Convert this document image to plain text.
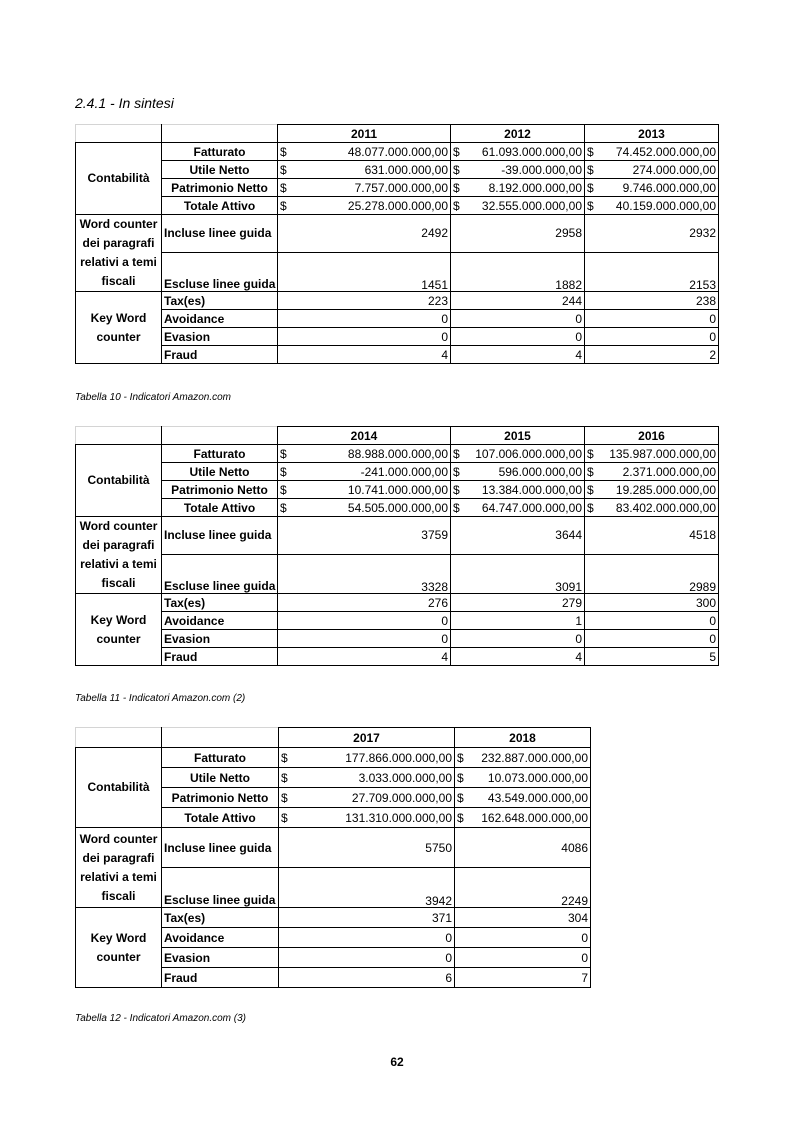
2.4.1 - In sintesi
		2011	2012	2013
Contabilità	Fatturato	$ 48.077.000.000,00	$ 61.093.000.000,00	$ 74.452.000.000,00

	Utile Netto	$ 631.000.000,00	$ -39.000.000,00	$ 274.000.000,00

	Patrimonio Netto	$ 7.757.000.000,00	$ 8.192.000.000,00	$ 9.746.000.000,00

	Totale Attivo	$ 25.278.000.000,00	$ 32.555.000.000,00	$ 40.159.000.000,00

Word counter dei paragrafi relativi a temi fiscali	Incluse linee guida	2492	2958	2932
	Escluse linee guida	1451	1882	2153
Key Word counter	Tax(es)	223	244	238
	Avoidance	0	0	0
	Evasion	0	0	0
	Fraud	4	4	2
Tabella 10 - Indicatori Amazon.com
		2014	2015	2016
Contabilità	Fatturato	$ 88.988.000.000,00	$ 107.006.000.000,00	$ 135.987.000.000,00

	Utile Netto	$ -241.000.000,00	$ 596.000.000,00	$ 2.371.000.000,00

	Patrimonio Netto	$ 10.741.000.000,00	$ 13.384.000.000,00	$ 19.285.000.000,00

	Totale Attivo	$ 54.505.000.000,00	$ 64.747.000.000,00	$ 83.402.000.000,00

Word counter dei paragrafi relativi a temi fiscali	Incluse linee guida	3759	3644	4518
	Escluse linee guida	3328	3091	2989
Key Word counter	Tax(es)	276	279	300
	Avoidance	0	1	0
	Evasion	0	0	0
	Fraud	4	4	5
Tabella 11 - Indicatori Amazon.com (2)
		2017	2018
Contabilità	Fatturato	$ 177.866.000.000,00	$ 232.887.000.000,00

	Utile Netto	$ 3.033.000.000,00	$ 10.073.000.000,00

	Patrimonio Netto	$ 27.709.000.000,00	$ 43.549.000.000,00

	Totale Attivo	$ 131.310.000.000,00	$ 162.648.000.000,00

Word counter dei paragrafi relativi a temi fiscali	Incluse linee guida	5750	4086
	Escluse linee guida	3942	2249
Key Word counter	Tax(es)	371	304
	Avoidance	0	0
	Evasion	0	0
	Fraud	6	7
Tabella 12 - Indicatori Amazon.com (3)
62
